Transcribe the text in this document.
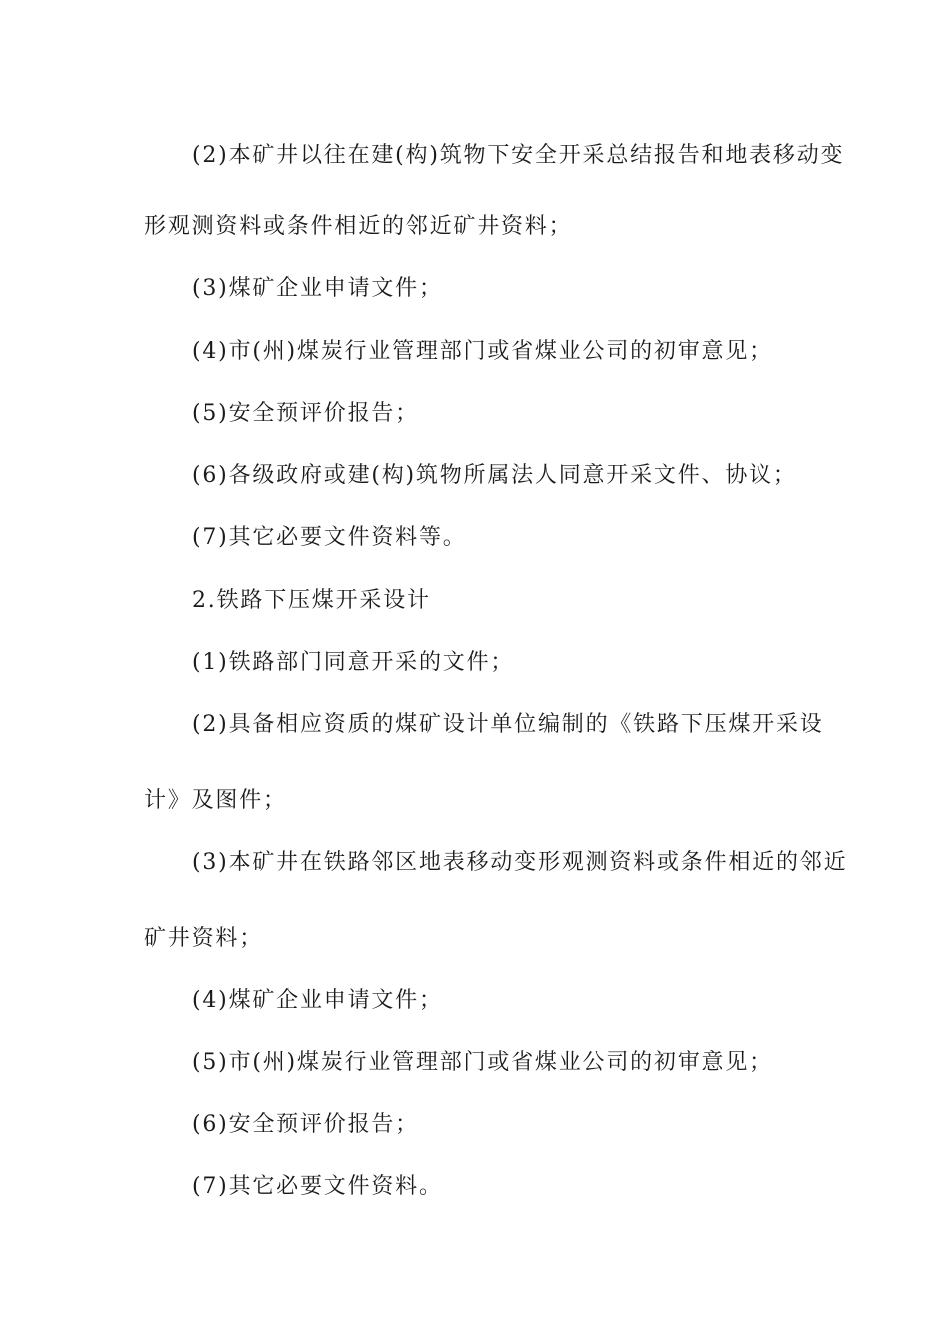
(2)本矿井以往在建(构)筑物下安全开采总结报告和地表移动变
形观测资料或条件相近的邻近矿井资料；
(3)煤矿企业申请文件；
(4)市(州)煤炭行业管理部门或省煤业公司的初审意见；
(5)安全预评价报告；
(6)各级政府或建(构)筑物所属法人同意开采文件、协议；
(7)其它必要文件资料等。
2.铁路下压煤开采设计
(1)铁路部门同意开采的文件；
(2)具备相应资质的煤矿设计单位编制的《铁路下压煤开采设
计》及图件；
(3)本矿井在铁路邻区地表移动变形观测资料或条件相近的邻近
矿井资料；
(4)煤矿企业申请文件；
(5)市(州)煤炭行业管理部门或省煤业公司的初审意见；
(6)安全预评价报告；
(7)其它必要文件资料。
